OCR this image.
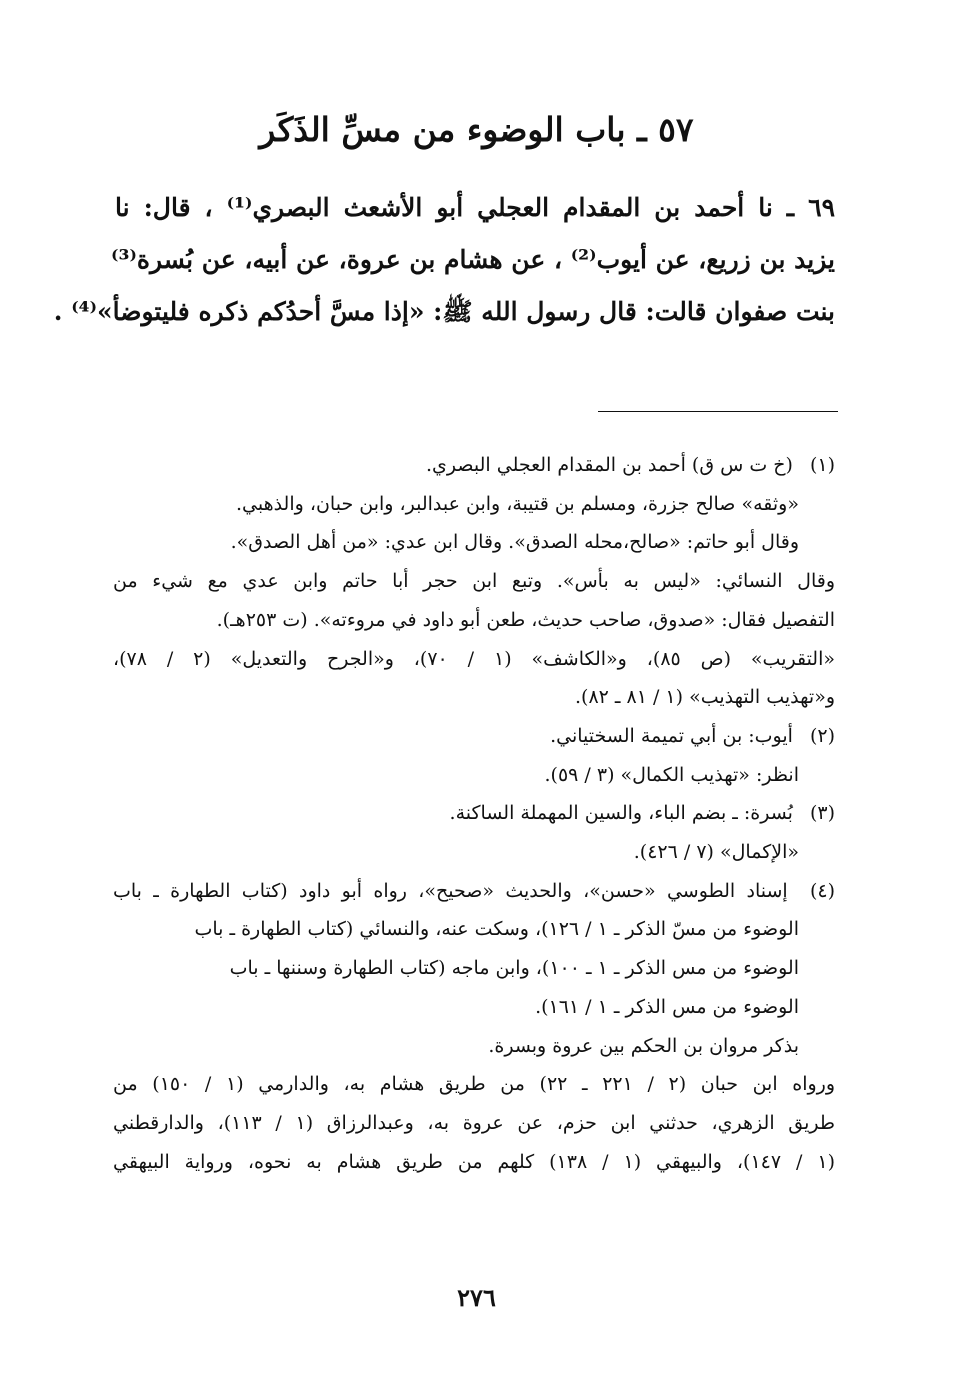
٥٧ ـ باب الوضوء من مسِّ الذَكَر
٦٩ ـ نا أحمد بن المقدام العجلي أبو الأشعث البصري⁽¹⁾ ، قال: نا
يزيد بن زريع، عن أيوب⁽²⁾ ، عن هشام بن عروة، عن أبيه، عن بُسرة⁽³⁾
بنت صفوان قالت: قال رسول الله ﷺ: «إذا مسَّ أحدُكم ذكره فليتوضأ»⁽⁴⁾ .
(١) (خ ت س ق) أحمد بن المقدام العجلي البصري.
«وثقه» صالح جزرة، ومسلم بن قتيبة، وابن عبدالبر، وابن حبان، والذهبي.
وقال أبو حاتم: «صالح،محله الصدق». وقال ابن عدي: «من أهل الصدق».
وقال النسائي: «ليس به بأس». وتبع ابن حجر أبا حاتم وابن عدي مع شيء من
التفصيل فقال: «صدوق، صاحب حديث، طعن أبو داود في مروءته». (ت ٢٥٣هـ).
«التقريب» (ص ٨٥)، و«الكاشف» (١ / ٧٠)، و«الجرح والتعديل» (٢ / ٧٨)،
و«تهذيب التهذيب» (١ / ٨١ ـ ٨٢).
(٢) أيوب: بن أبي تميمة السختياني.
انظر: «تهذيب الكمال» (٣ / ٥٩).
(٣) بُسرة: ـ بضم الباء، والسين المهملة الساكنة.
«الإكمال» (٧ / ٤٢٦).
(٤) إسناد الطوسي «حسن»، والحديث «صحيح»، رواه أبو داود (كتاب الطهارة ـ باب
الوضوء من مسّ الذكر ـ ١ / ١٢٦)، وسكت عنه، والنسائي (كتاب الطهارة ـ باب
الوضوء من مس الذكر ـ ١ ـ ١٠٠)، وابن ماجه (كتاب الطهارة وسننها ـ باب
الوضوء من مس الذكر ـ ١ / ١٦١).
بذكر مروان بن الحكم بين عروة وبسرة.
ورواه ابن حبان (٢ / ٢٢١ ـ ٢٢) من طريق هشام به، والدارمي (١ / ١٥٠) من
طريق الزهري، حدثني ابن حزم، عن عروة به، وعبدالرزاق (١ / ١١٣)، والدارقطني
(١ / ١٤٧)، والبيهقي (١ / ١٣٨) كلهم من طريق هشام به نحوه، ورواية البيهقي
٢٧٦
